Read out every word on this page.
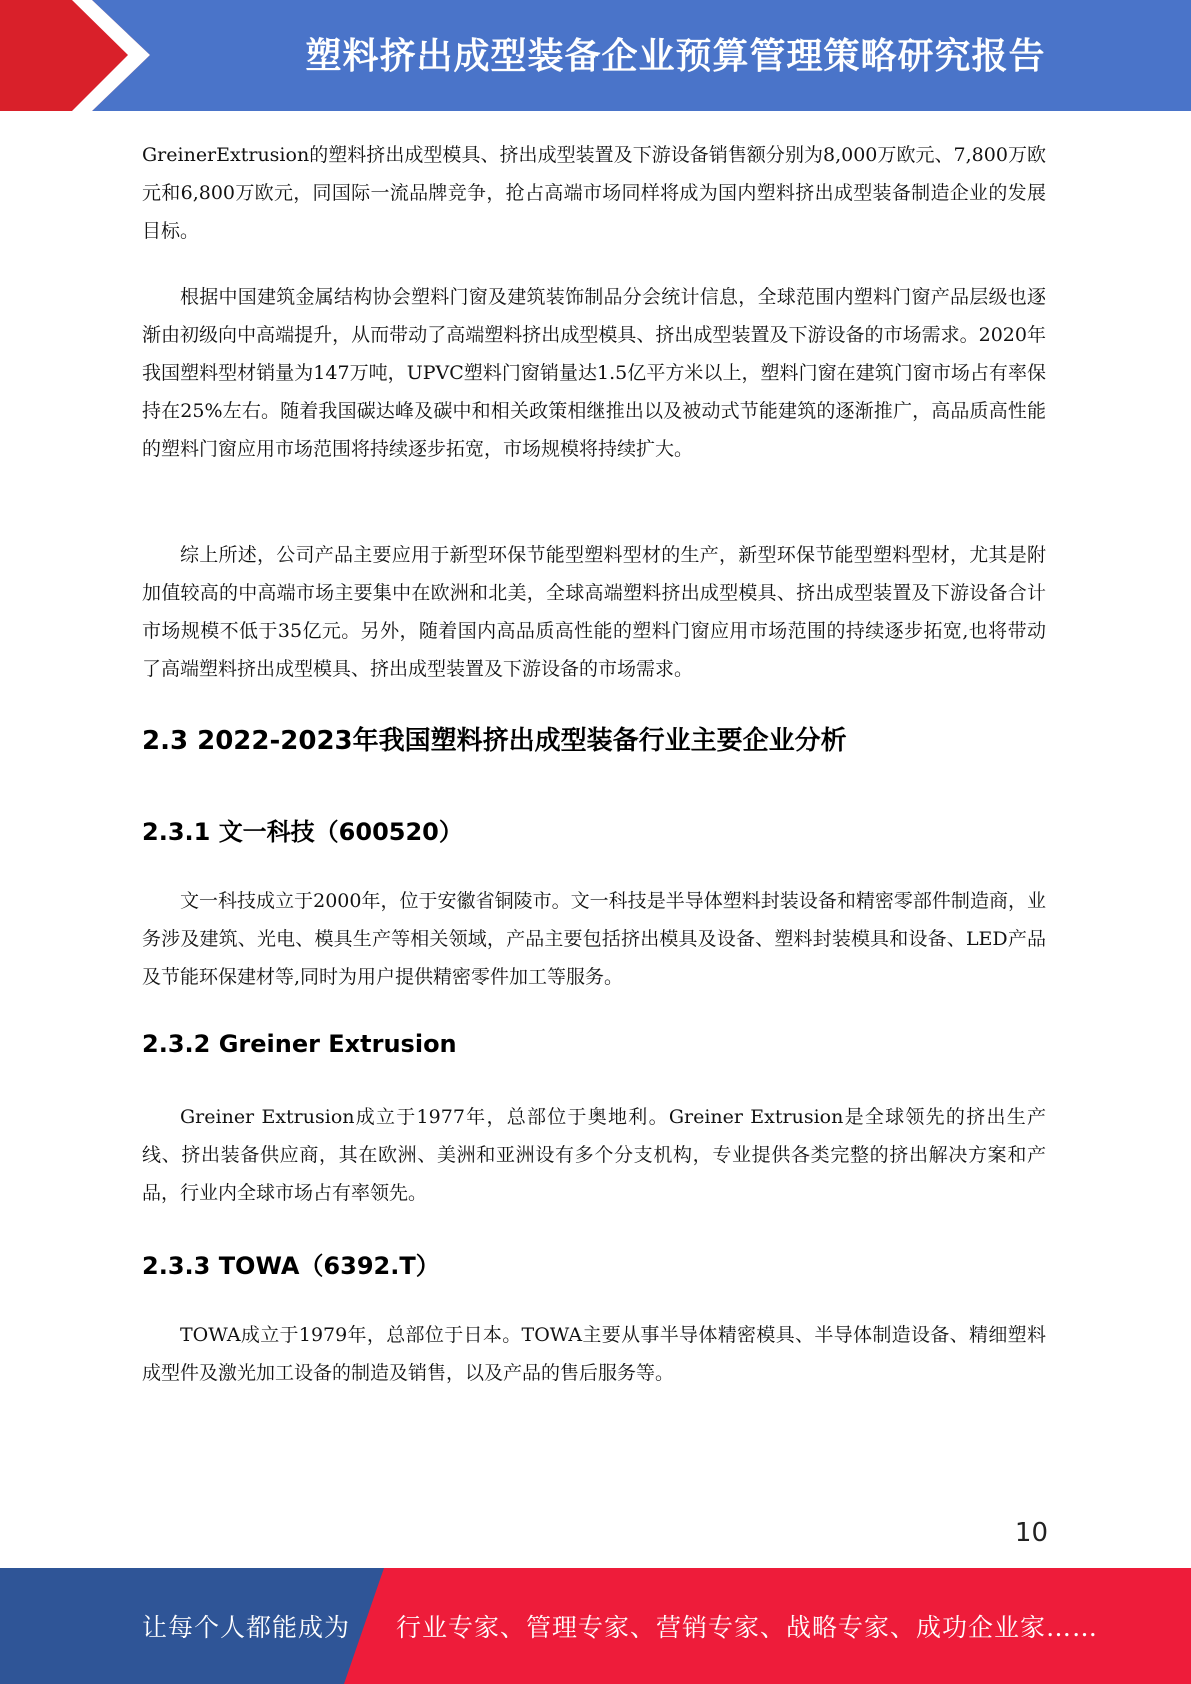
塑料挤出成型装备企业预算管理策略研究报告

GreinerExtrusion的塑料挤出成型模具、挤出成型装置及下游设备销售额分别为8,000万欧元、7,800万欧元和6,800万欧元，同国际一流品牌竞争，抢占高端市场同样将成为国内塑料挤出成型装备制造企业的发展目标。

根据中国建筑金属结构协会塑料门窗及建筑装饰制品分会统计信息，全球范围内塑料门窗产品层级也逐渐由初级向中高端提升，从而带动了高端塑料挤出成型模具、挤出成型装置及下游设备的市场需求。2020年我国塑料型材销量为147万吨，UPVC塑料门窗销量达1.5亿平方米以上，塑料门窗在建筑门窗市场占有率保持在25%左右。随着我国碳达峰及碳中和相关政策相继推出以及被动式节能建筑的逐渐推广，高品质高性能的塑料门窗应用市场范围将持续逐步拓宽，市场规模将持续扩大。

综上所述，公司产品主要应用于新型环保节能型塑料型材的生产，新型环保节能型塑料型材，尤其是附加值较高的中高端市场主要集中在欧洲和北美，全球高端塑料挤出成型模具、挤出成型装置及下游设备合计市场规模不低于35亿元。另外，随着国内高品质高性能的塑料门窗应用市场范围的持续逐步拓宽,也将带动了高端塑料挤出成型模具、挤出成型装置及下游设备的市场需求。

2.3 2022-2023年我国塑料挤出成型装备行业主要企业分析
2.3.1 文一科技（600520）

文一科技成立于2000年，位于安徽省铜陵市。文一科技是半导体塑料封装设备和精密零部件制造商，业务涉及建筑、光电、模具生产等相关领域，产品主要包括挤出模具及设备、塑料封装模具和设备、LED产品及节能环保建材等,同时为用户提供精密零件加工等服务。

2.3.2 Greiner Extrusion

Greiner Extrusion成立于1977年，总部位于奥地利。Greiner Extrusion是全球领先的挤出生产线、挤出装备供应商，其在欧洲、美洲和亚洲设有多个分支机构，专业提供各类完整的挤出解决方案和产品，行业内全球市场占有率领先。

2.3.3 TOWA（6392.T）

TOWA成立于1979年，总部位于日本。TOWA主要从事半导体精密模具、半导体制造设备、精细塑料成型件及激光加工设备的制造及销售，以及产品的售后服务等。

10
让每个人都能成为 行业专家、管理专家、营销专家、战略专家、成功企业家……
